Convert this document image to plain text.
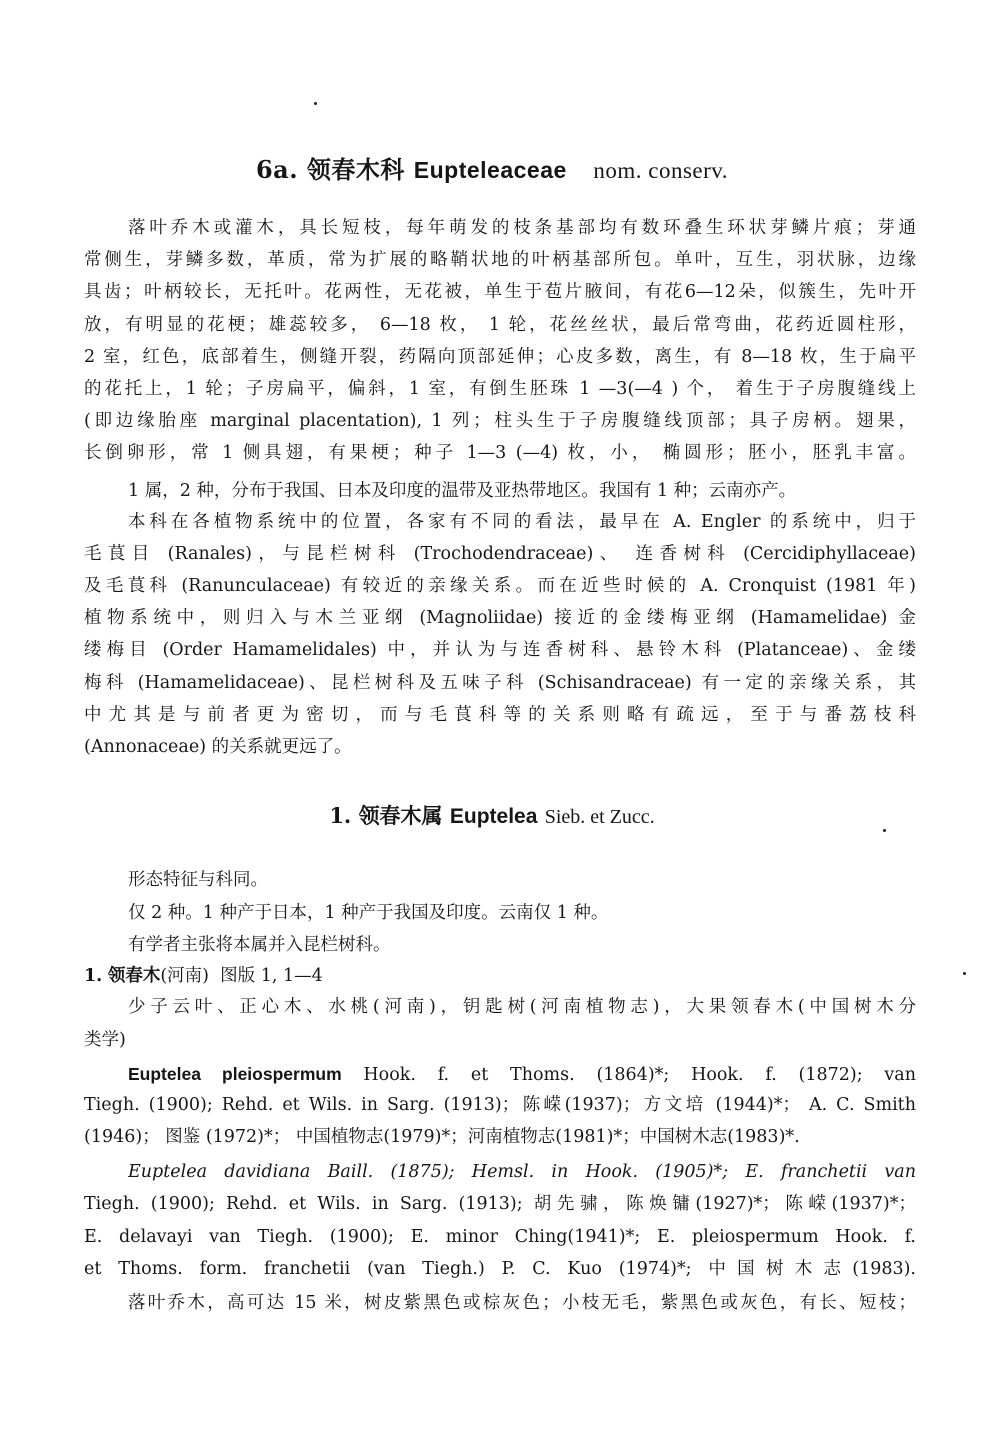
6a. 领春木科 Eupteleaceae nom. conserv.
落叶乔木或灌木，具长短枝，每年萌发的枝条基部均有数环叠生环状芽鳞片痕；芽通
常侧生，芽鳞多数，革质，常为扩展的略鞘状地的叶柄基部所包。单叶，互生，羽状脉，边缘
具齿；叶柄较长，无托叶。花两性，无花被，单生于苞片腋间，有花6—12朵，似簇生，先叶开
放，有明显的花梗；雄蕊较多， 6—18 枚， 1 轮，花丝丝状，最后常弯曲，花药近圆柱形，
2 室，红色，底部着生，侧缝开裂，药隔向顶部延伸；心皮多数，离生，有 8—18 枚，生于扁平
的花托上，1 轮；子房扁平，偏斜，1 室，有倒生胚珠 1 —3(—4 ) 个， 着生于子房腹缝线上
(即边缘胎座 marginal placentation), 1 列；柱头生于子房腹缝线顶部；具子房柄。翅果，
长倒卵形，常 1 侧具翅，有果梗；种子 1—3 (—4) 枚，小， 椭圆形；胚小，胚乳丰富。
1 属，2 种，分布于我国、日本及印度的温带及亚热带地区。我国有 1 种；云南亦产。
本科在各植物系统中的位置，各家有不同的看法，最早在 A. Engler 的系统中，归于
毛茛目 (Ranales)，与昆栏树科 (Trochodendraceae)、 连香树科 (Cercidiphyllaceae)
及毛茛科 (Ranunculaceae) 有较近的亲缘关系。而在近些时候的 A. Cronquist (1981 年)
植物系统中，则归入与木兰亚纲 (Magnoliidae) 接近的金缕梅亚纲 (Hamamelidae) 金
缕梅目 (Order Hamamelidales) 中，并认为与连香树科、悬铃木科 (Platanceae)、金缕
梅科 (Hamamelidaceae)、昆栏树科及五味子科 (Schisandraceae) 有一定的亲缘关系，其
中尤其是与前者更为密切，而与毛茛科等的关系则略有疏远，至于与番荔枝科
(Annonaceae) 的关系就更远了。
1. 领春木属 Euptelea Sieb. et Zucc.
形态特征与科同。
仅 2 种。1 种产于日本，1 种产于我国及印度。云南仅 1 种。
有学者主张将本属并入昆栏树科。
1. 领春木(河南) 图版 1, 1—4
少子云叶、正心木、水桃(河南)，钥匙树(河南植物志)，大果领春木(中国树木分
类学)
Euptelea pleiospermum Hook. f. et Thoms. (1864)*; Hook. f. (1872); van
Tiegh. (1900); Rehd. et Wils. in Sarg. (1913)；陈嵘(1937)；方文培 (1944)*； A. C. Smith
(1946)； 图鉴 (1972)*； 中国植物志(1979)*；河南植物志(1981)*；中国树木志(1983)*.
Euptelea davidiana Baill. (1875); Hemsl. in Hook. (1905)*; E. franchetii van
Tiegh. (1900); Rehd. et Wils. in Sarg. (1913); 胡先骕，陈焕镛(1927)*；陈嵘(1937)*；
E. delavayi van Tiegh. (1900); E. minor Ching(1941)*; E. pleiospermum Hook. f.
et Thoms. form. franchetii (van Tiegh.) P. C. Kuo (1974)*; 中国树木志(1983).
落叶乔木，高可达 15 米，树皮紫黑色或棕灰色；小枝无毛，紫黑色或灰色，有长、短枝；
